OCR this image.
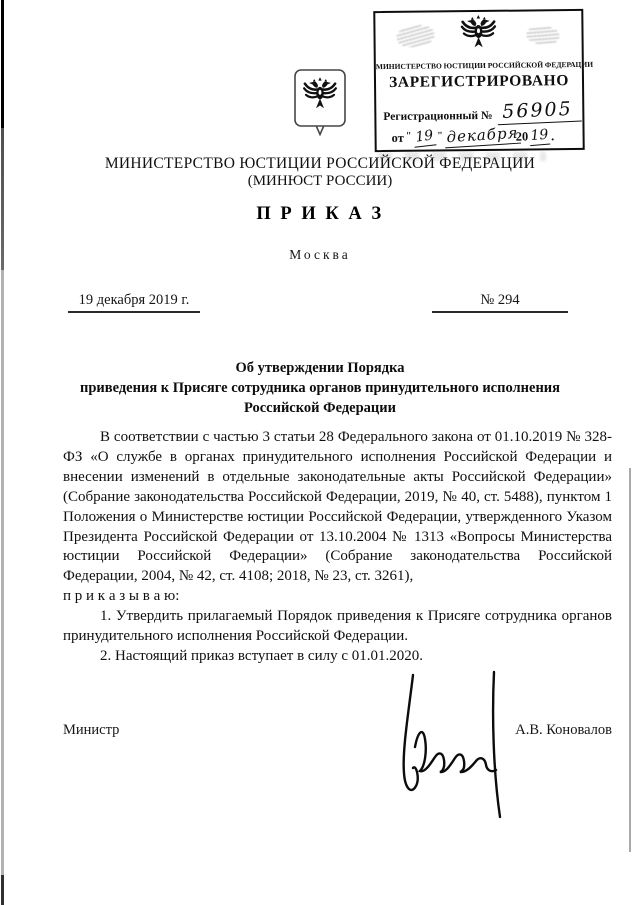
МИНИСТЕРСТВО ЮСТИЦИИ РОССИЙСКОЙ ФЕДЕРАЦИИ
ЗАРЕГИСТРИРОВАНО
Регистрационный № 56905
от " 19 " декабря
20 19 .
МИНИСТЕРСТВО ЮСТИЦИИ РОССИЙСКОЙ ФЕДЕРАЦИИ
(МИНЮСТ РОССИИ)
П Р И К А З
Москва
19 декабря 2019 г.	№ 294
Об утверждении Порядка
приведения к Присяге сотрудника органов принудительного исполнения
Российской Федерации

В соответствии с частью 3 статьи 28 Федерального закона от 01.10.2019 № 328-ФЗ «О службе в органах принудительного исполнения Российской Федерации и внесении изменений в отдельные законодательные акты Российской Федерации» (Собрание законодательства Российской Федерации, 2019, № 40, ст. 5488), пунктом 1 Положения о Министерстве юстиции Российской Федерации, утвержденного Указом Президента Российской Федерации от 13.10.2004 № 1313 «Вопросы Министерства юстиции Российской Федерации» (Собрание законодательства Российской Федерации, 2004, № 42, ст. 4108; 2018, № 23, ст. 3261),

п р и к а з ы в а ю:

1. Утвердить прилагаемый Порядок приведения к Присяге сотрудника органов принудительного исполнения Российской Федерации.

2. Настоящий приказ вступает в силу с 01.01.2020.

Министр	А.В. Коновалов
